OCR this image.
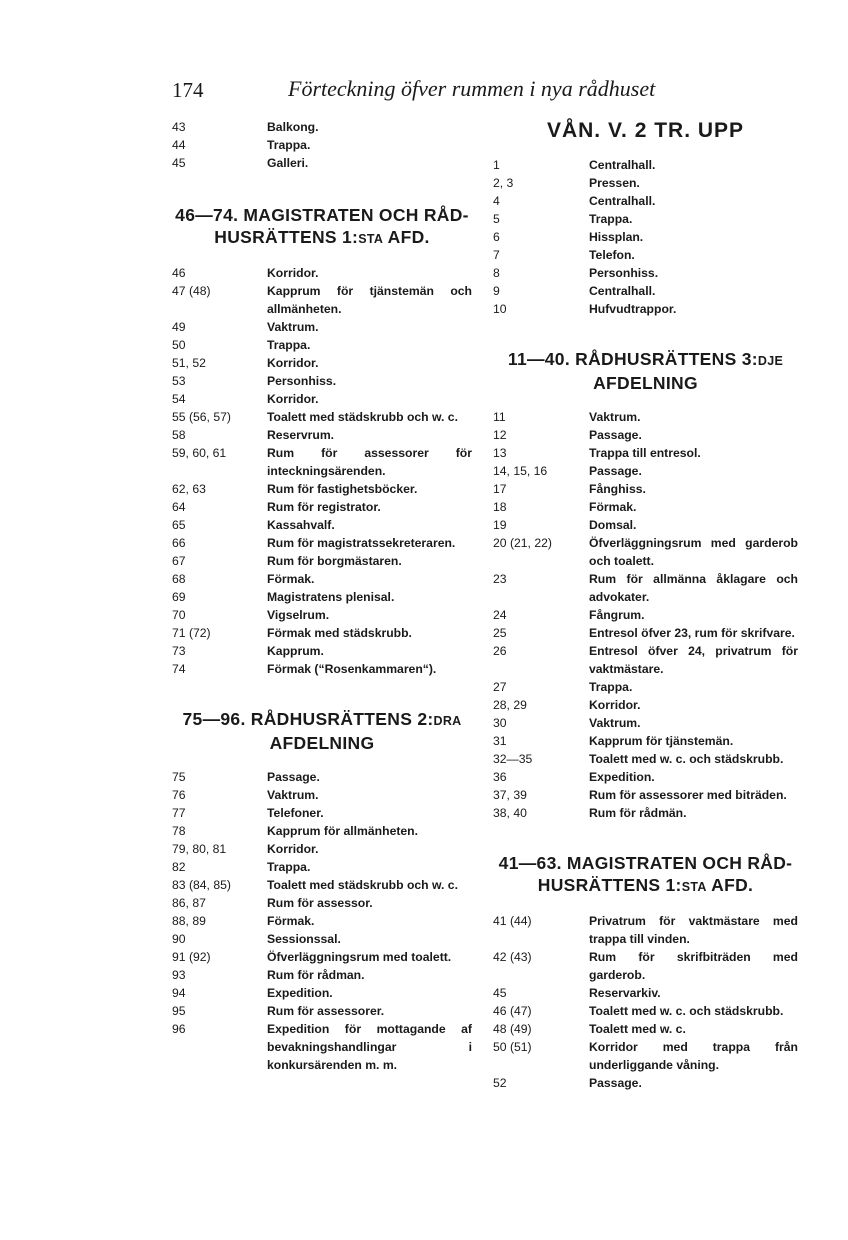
174	Förteckning öfver rummen i nya rådhuset
43	Balkong.
44	Trappa.
45	Galleri.
46—74. MAGISTRATEN OCH RÅD-
HUSRÄTTENS 1:STA AFD.
46	Korridor.
47 (48)	Kapprum för tjänstemän och allmänheten.
49	Vaktrum.
50	Trappa.
51, 52	Korridor.
53	Personhiss.
54	Korridor.
55 (56, 57)	Toalett med städskrubb och w. c.
58	Reservrum.
59, 60, 61	Rum för assessorer för inteckningsärenden.
62, 63	Rum för fastighetsböcker.
64	Rum för registrator.
65	Kassahvalf.
66	Rum för magistratssekreteraren.
67	Rum för borgmästaren.
68	Förmak.
69	Magistratens plenisal.
70	Vigselrum.
71 (72)	Förmak med städskrubb.
73	Kapprum.
74	Förmak (“Rosenkammaren“).
75—96. RÅDHUSRÄTTENS 2:DRA
AFDELNING
75	Passage.
76	Vaktrum.
77	Telefoner.
78	Kapprum för allmänheten.
79, 80, 81	Korridor.
82	Trappa.
83 (84, 85)	Toalett med städskrubb och w. c.
86, 87	Rum för assessor.
88, 89	Förmak.
90	Sessionssal.
91 (92)	Öfverläggningsrum med toalett.
93	Rum för rådman.
94	Expedition.
95	Rum för assessorer.
96	Expedition för mottagande af bevakningshandlingar i konkursärenden m. m.
VÅN. V. 2 TR. UPP
1	Centralhall.
2, 3	Pressen.
4	Centralhall.
5	Trappa.
6	Hissplan.
7	Telefon.
8	Personhiss.
9	Centralhall.
10	Hufvudtrappor.
11—40. RÅDHUSRÄTTENS 3:DJE
AFDELNING
11	Vaktrum.
12	Passage.
13	Trappa till entresol.
14, 15, 16	Passage.
17	Fånghiss.
18	Förmak.
19	Domsal.
20 (21, 22)	Öfverläggningsrum med garderob och toalett.
23	Rum för allmänna åklagare och advokater.
24	Fångrum.
25	Entresol öfver 23, rum för skrifvare.
26	Entresol öfver 24, privatrum för vaktmästare.
27	Trappa.
28, 29	Korridor.
30	Vaktrum.
31	Kapprum för tjänstemän.
32—35	Toalett med w. c. och städskrubb.
36	Expedition.
37, 39	Rum för assessorer med biträden.
38, 40	Rum för rådmän.
41—63. MAGISTRATEN OCH RÅD-
HUSRÄTTENS 1:STA AFD.
41 (44)	Privatrum för vaktmästare med trappa till vinden.
42 (43)	Rum för skrifbiträden med garderob.
45	Reservarkiv.
46 (47)	Toalett med w. c. och städskrubb.
48 (49)	Toalett med w. c.
50 (51)	Korridor med trappa från underliggande våning.
52	Passage.
